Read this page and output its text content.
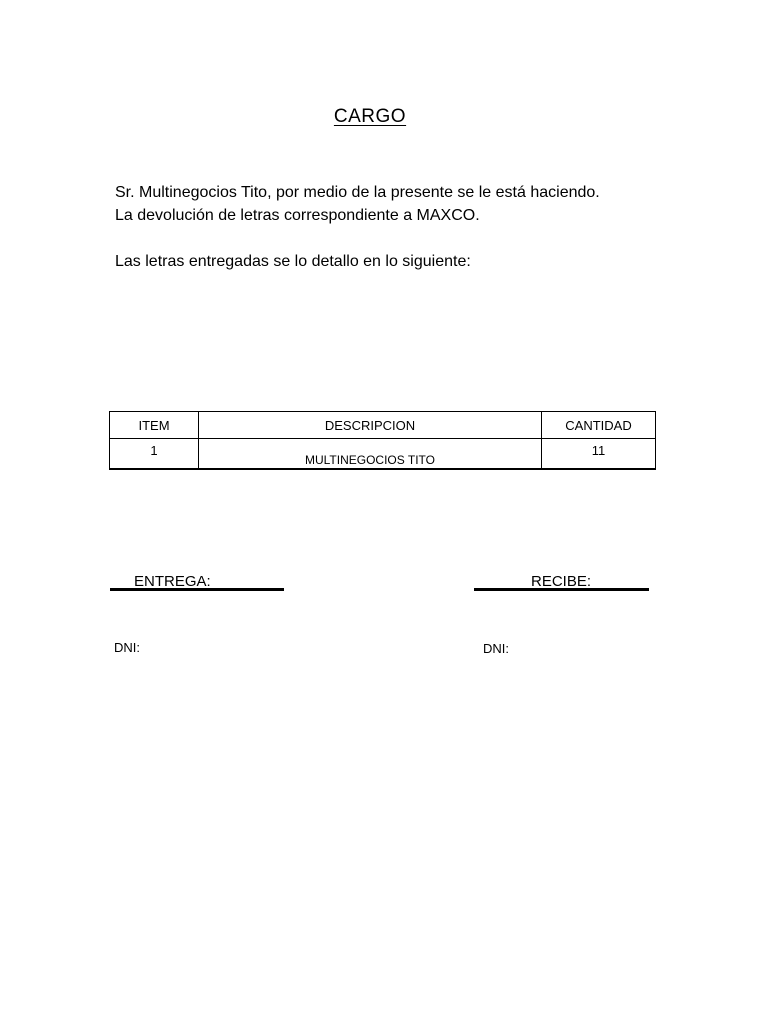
CARGO
Sr. Multinegocios Tito, por medio de la presente se le está haciendo.
La devolución de letras correspondiente a MAXCO.
Las letras entregadas se lo detallo en lo siguiente:
ITEM	DESCRIPCION	CANTIDAD
1	MULTINEGOCIOS TITO	11
ENTREGA:	RECIBE:
DNI:	DNI:
